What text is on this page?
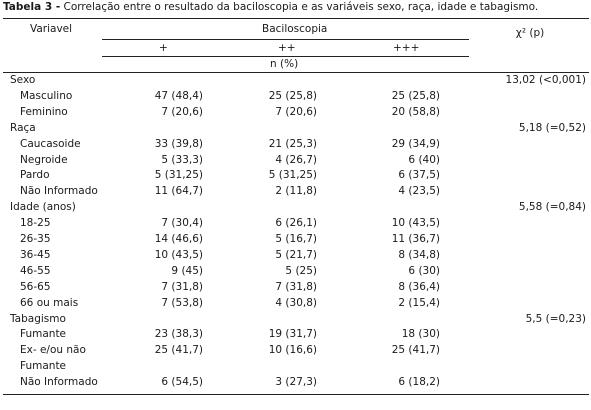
Tabela 3 - Correlação entre o resultado da baciloscopia e as variáveis sexo, raça, idade e tabagismo.
Variavel	Baciloscopia	χ² (p)
+	++	+++
n (%)
Sexo	13,02 (<0,001)
Masculino	47 (48,4)	25 (25,8)	25 (25,8)
Feminino	7 (20,6)	7 (20,6)	20 (58,8)
Raça	5,18 (=0,52)
Caucasoide	33 (39,8)	21 (25,3)	29 (34,9)
Negroide	5 (33,3)	4 (26,7)	6 (40)
Pardo	5 (31,25)	5 (31,25)	6 (37,5)
Não Informado	11 (64,7)	2 (11,8)	4 (23,5)
Idade (anos)	5,58 (=0,84)
18-25	7 (30,4)	6 (26,1)	10 (43,5)
26-35	14 (46,6)	5 (16,7)	11 (36,7)
36-45	10 (43,5)	5 (21,7)	8 (34,8)
46-55	9 (45)	5 (25)	6 (30)
56-65	7 (31,8)	7 (31,8)	8 (36,4)
66 ou mais	7 (53,8)	4 (30,8)	2 (15,4)
Tabagismo	5,5 (=0,23)
Fumante	23 (38,3)	19 (31,7)	18 (30)
Ex- e/ou não	25 (41,7)	10 (16,6)	25 (41,7)
Fumante
Não Informado	6 (54,5)	3 (27,3)	6 (18,2)
